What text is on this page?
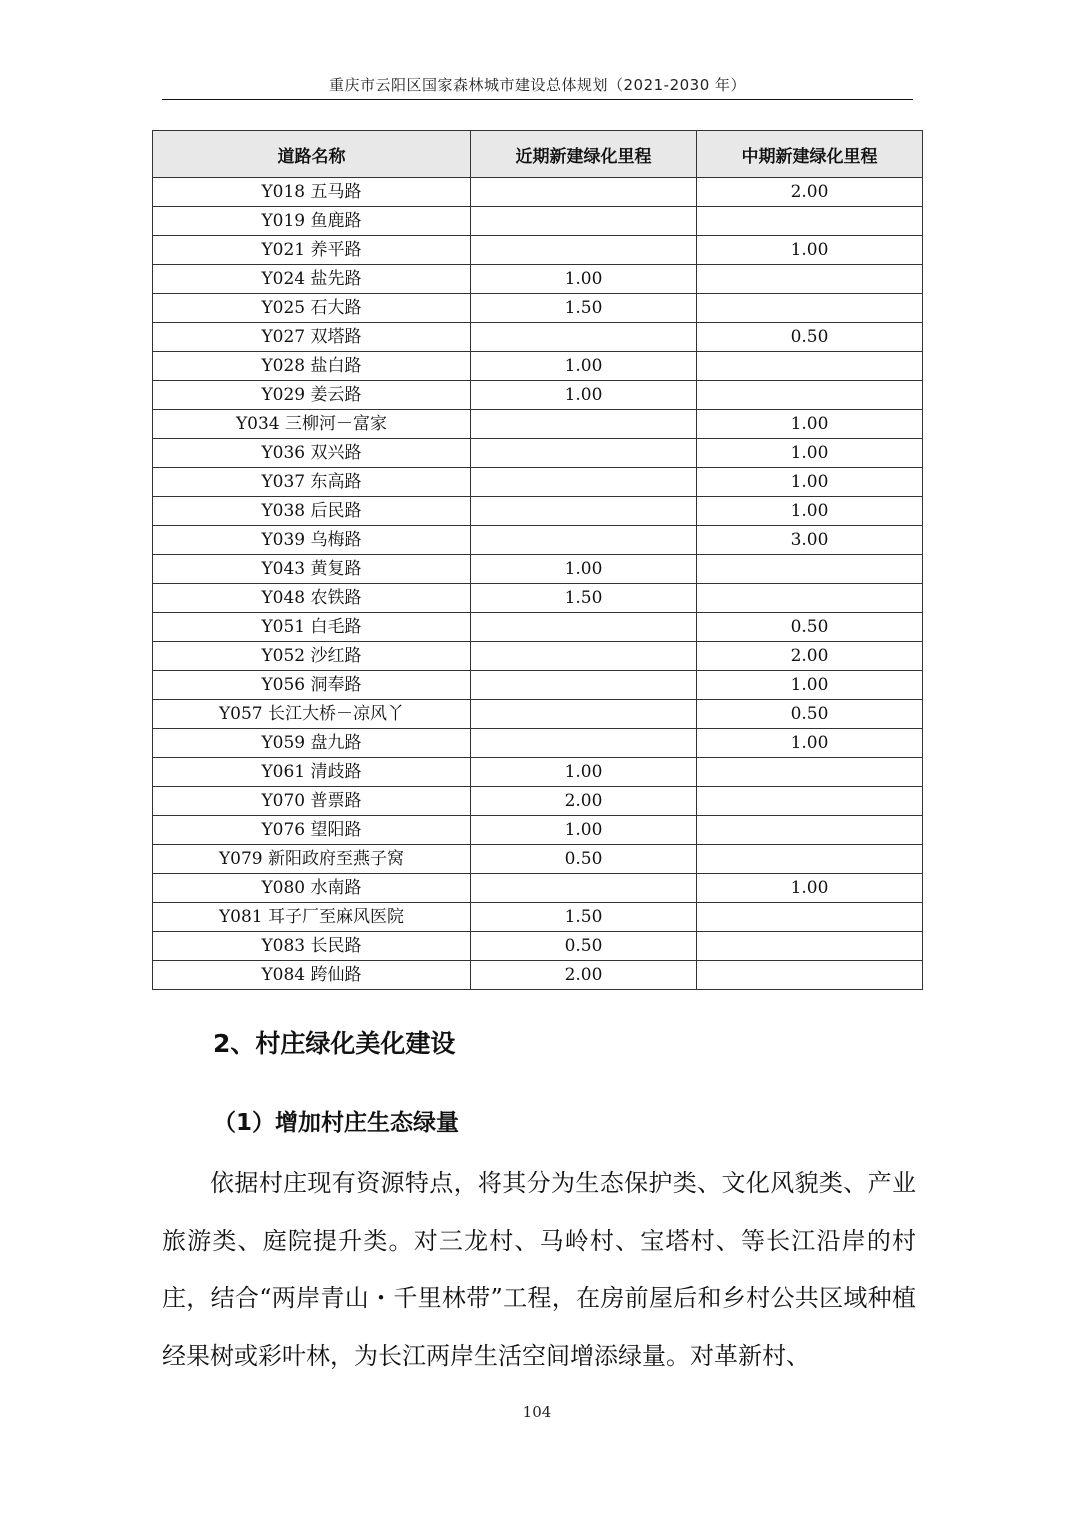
重庆市云阳区国家森林城市建设总体规划（2021-2030 年）
道路名称	近期新建绿化里程	中期新建绿化里程
Y018 五马路		2.00
Y019 鱼鹿路		
Y021 养平路		1.00
Y024 盐先路	1.00	
Y025 石大路	1.50	
Y027 双塔路		0.50
Y028 盐白路	1.00	
Y029 姜云路	1.00	
Y034 三柳河－富家		1.00
Y036 双兴路		1.00
Y037 东高路		1.00
Y038 后民路		1.00
Y039 乌梅路		3.00
Y043 黄复路	1.00	
Y048 农铁路	1.50	
Y051 白毛路		0.50
Y052 沙红路		2.00
Y056 洞奉路		1.00
Y057 长江大桥－凉风丫		0.50
Y059 盘九路		1.00
Y061 清歧路	1.00	
Y070 普票路	2.00	
Y076 望阳路	1.00	
Y079 新阳政府至燕子窝	0.50	
Y080 水南路		1.00
Y081 耳子厂至麻风医院	1.50	
Y083 长民路	0.50	
Y084 跨仙路	2.00	
2、村庄绿化美化建设
（1）增加村庄生态绿量

依据村庄现有资源特点，将其分为生态保护类、文化风貌类、产业旅游类、庭院提升类。对三龙村、马岭村、宝塔村、等长江沿岸的村庄，结合“两岸青山・千里林带”工程，在房前屋后和乡村公共区域种植经果树或彩叶林，为长江两岸生活空间增添绿量。对革新村、

104
